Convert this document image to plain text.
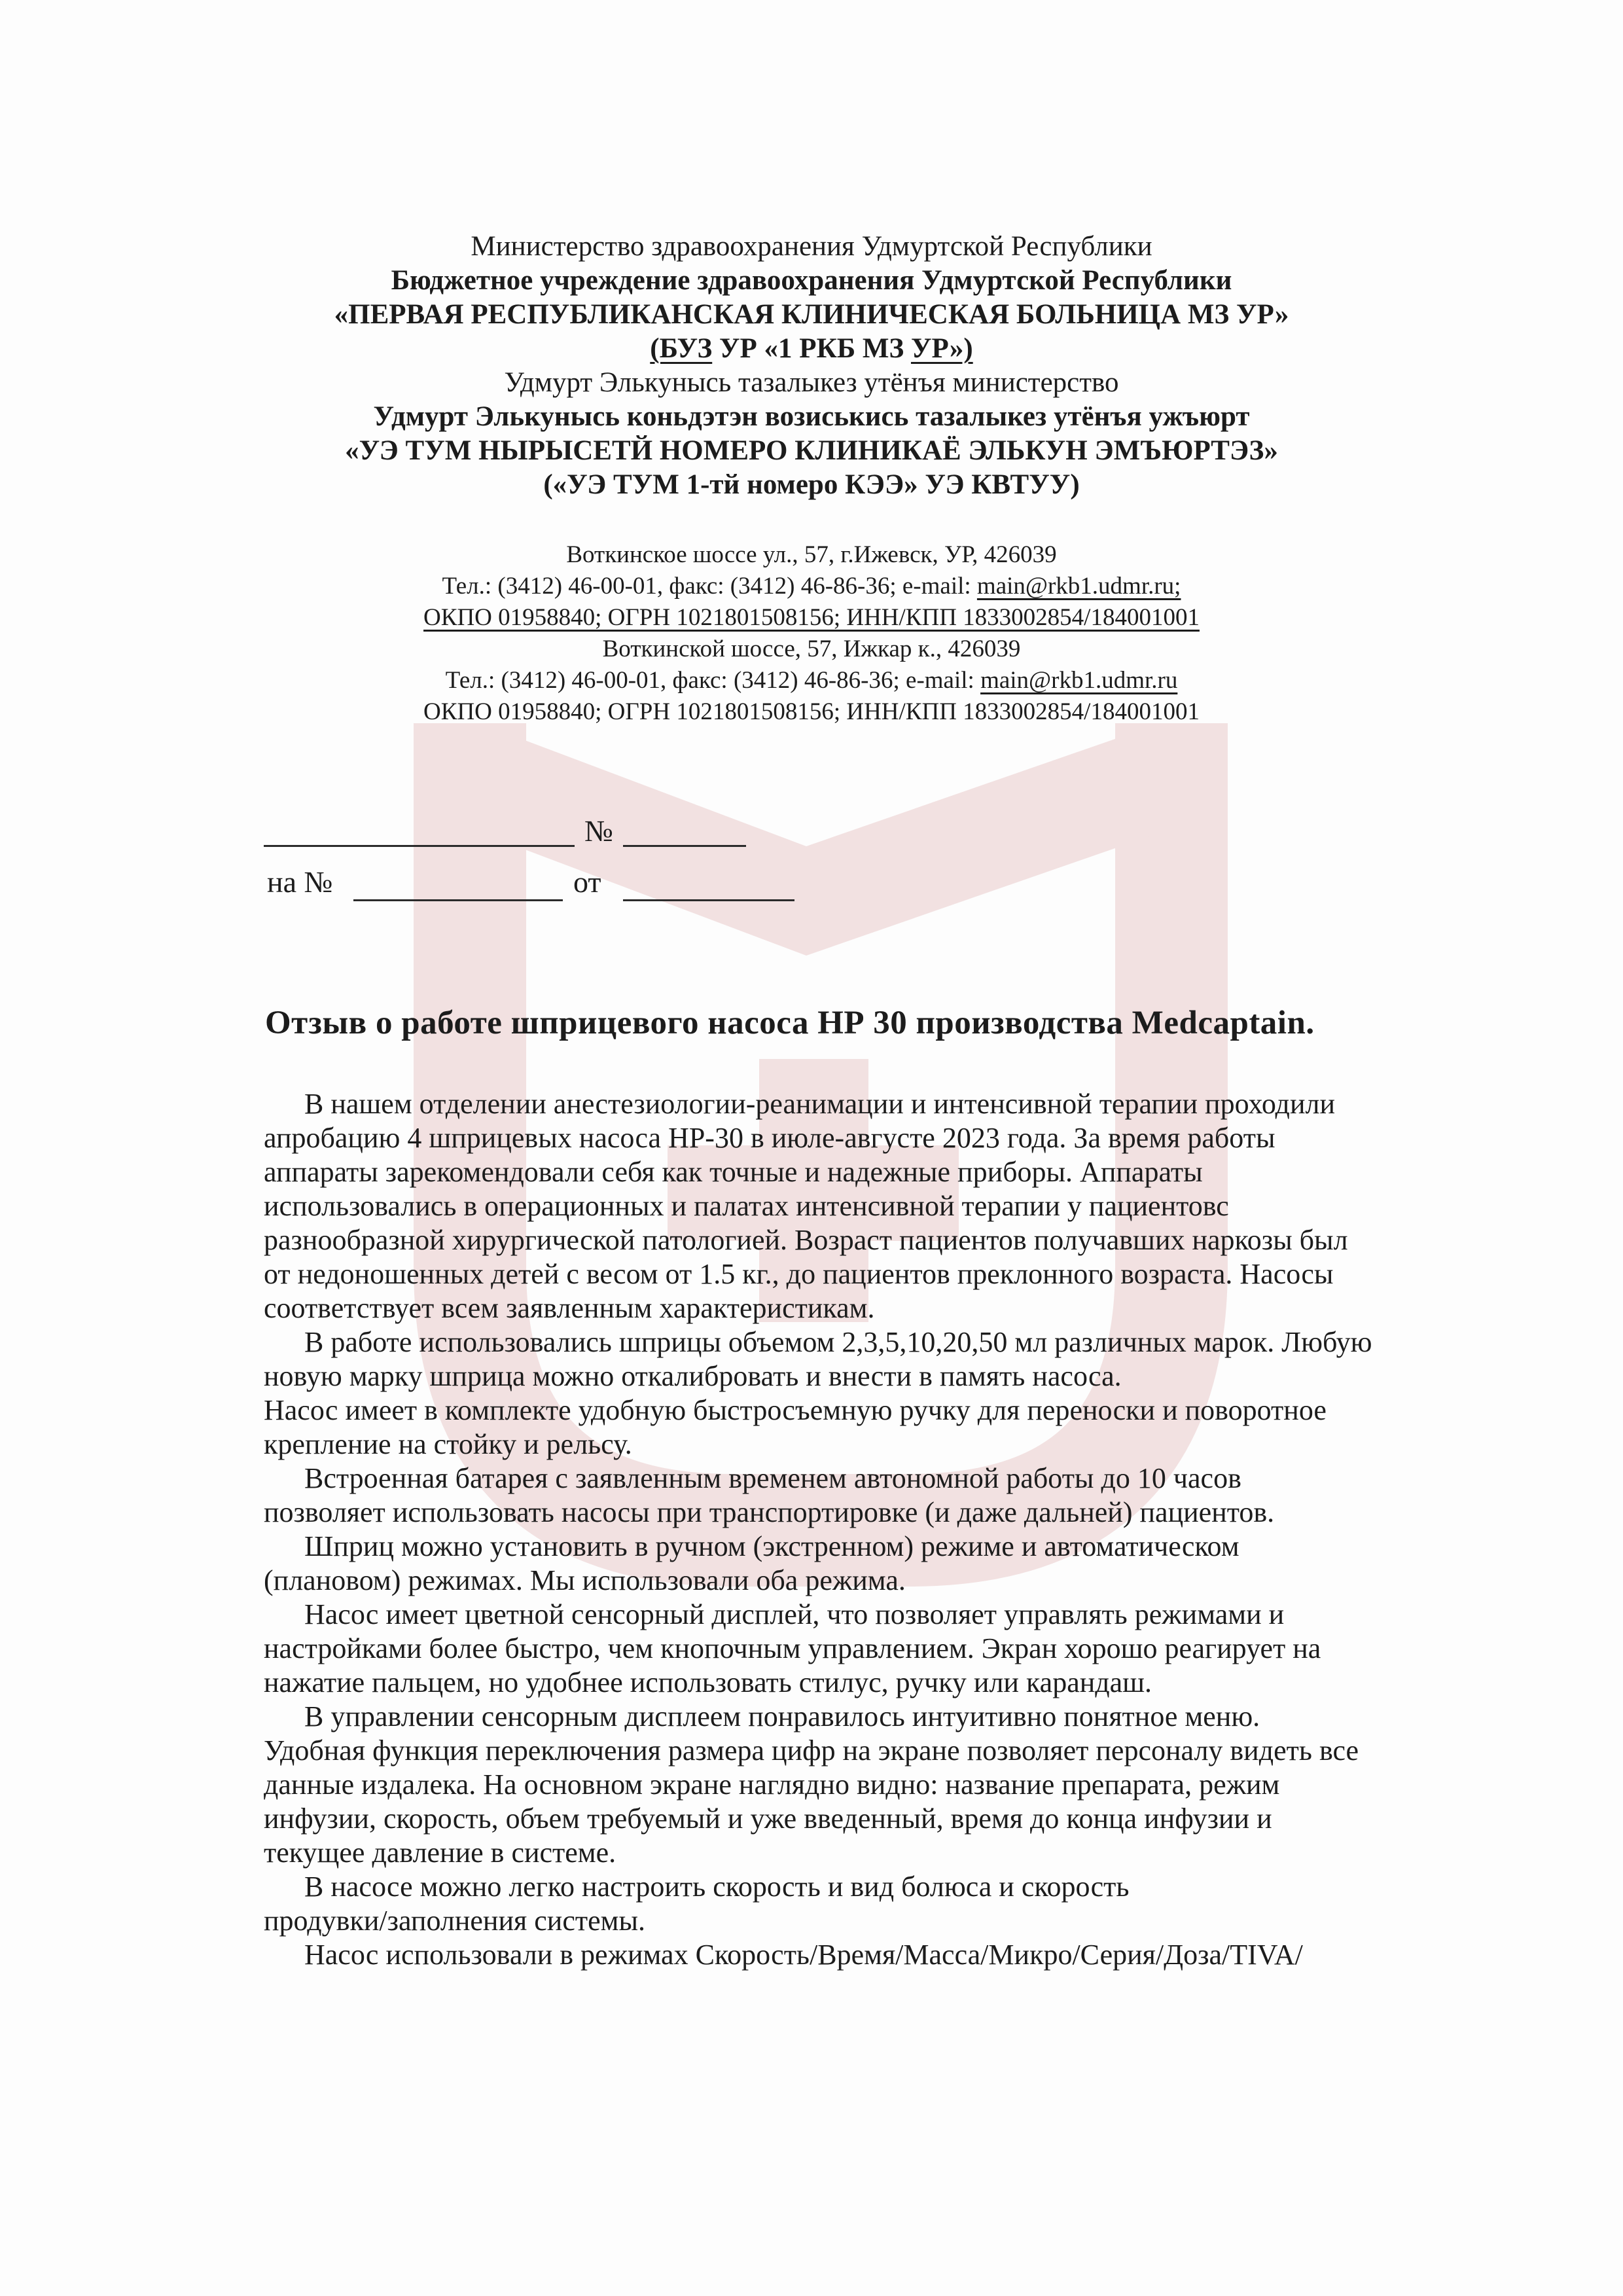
Министерство здравоохранения Удмуртской Республики
Бюджетное учреждение здравоохранения Удмуртской Республики
«ПЕРВАЯ РЕСПУБЛИКАНСКАЯ КЛИНИЧЕСКАЯ БОЛЬНИЦА МЗ УР»
(БУЗ УР «1 РКБ МЗ УР»)
Удмурт Элькунысь тазалыкез утёнъя министерство
Удмурт Элькунысь коньдэтэн возиськись тазалыкез утёнъя ужъюрт
«УЭ ТУМ НЫРЫСЕТЙ НОМЕРО КЛИНИКАЁ ЭЛЬКУН ЭМЪЮРТЭЗ»
(«УЭ ТУМ 1-тй номеро КЭЭ» УЭ КВТУУ)
Воткинское шоссе ул., 57, г.Ижевск, УР, 426039
Тел.: (3412) 46-00-01, факс: (3412) 46-86-36; e-mail: main@rkb1.udmr.ru;
ОКПО 01958840; ОГРН 1021801508156; ИНН/КПП 1833002854/184001001
Воткинской шоссе, 57, Ижкар к., 426039
Тел.: (3412) 46-00-01, факс: (3412) 46-86-36; e-mail: main@rkb1.udmr.ru
ОКПО 01958840; ОГРН 1021801508156; ИНН/КПП 1833002854/184001001
№
на №	от
Отзыв о работе шприцевого насоса НР 30 производства Medcaptain.
В нашем отделении анестезиологии-реанимации и интенсивной терапии проходили
апробацию 4 шприцевых насоса НР-30 в июле-августе 2023 года. За время работы
аппараты зарекомендовали себя как точные и надежные приборы. Аппараты
использовались в операционных и палатах интенсивной терапии у пациентовс
разнообразной хирургической патологией. Возраст пациентов получавших наркозы был
от недоношенных детей с весом от 1.5 кг., до пациентов преклонного возраста. Насосы
соответствует всем заявленным характеристикам.
В работе использовались шприцы объемом 2,3,5,10,20,50 мл различных марок. Любую
новую марку шприца можно откалибровать и внести в память насоса.
Насос имеет в комплекте удобную быстросъемную ручку для переноски и поворотное
крепление на стойку и рельсу.
Встроенная батарея с заявленным временем автономной работы до 10 часов
позволяет использовать насосы при транспортировке (и даже дальней) пациентов.
Шприц можно установить в ручном (экстренном) режиме и автоматическом
(плановом) режимах. Мы использовали оба режима.
Насос имеет цветной сенсорный дисплей, что позволяет управлять режимами и
настройками более быстро, чем кнопочным управлением. Экран хорошо реагирует на
нажатие пальцем, но удобнее использовать стилус, ручку или карандаш.
В управлении сенсорным дисплеем понравилось интуитивно понятное меню.
Удобная функция переключения размера цифр на экране позволяет персоналу видеть все
данные издалека. На основном экране наглядно видно: название препарата, режим
инфузии, скорость, объем требуемый и уже введенный, время до конца инфузии и
текущее давление в системе.
В насосе можно легко настроить скорость и вид болюса и скорость
продувки/заполнения системы.
Насос использовали в режимах Скорость/Время/Масса/Микро/Серия/Доза/TIVA/
